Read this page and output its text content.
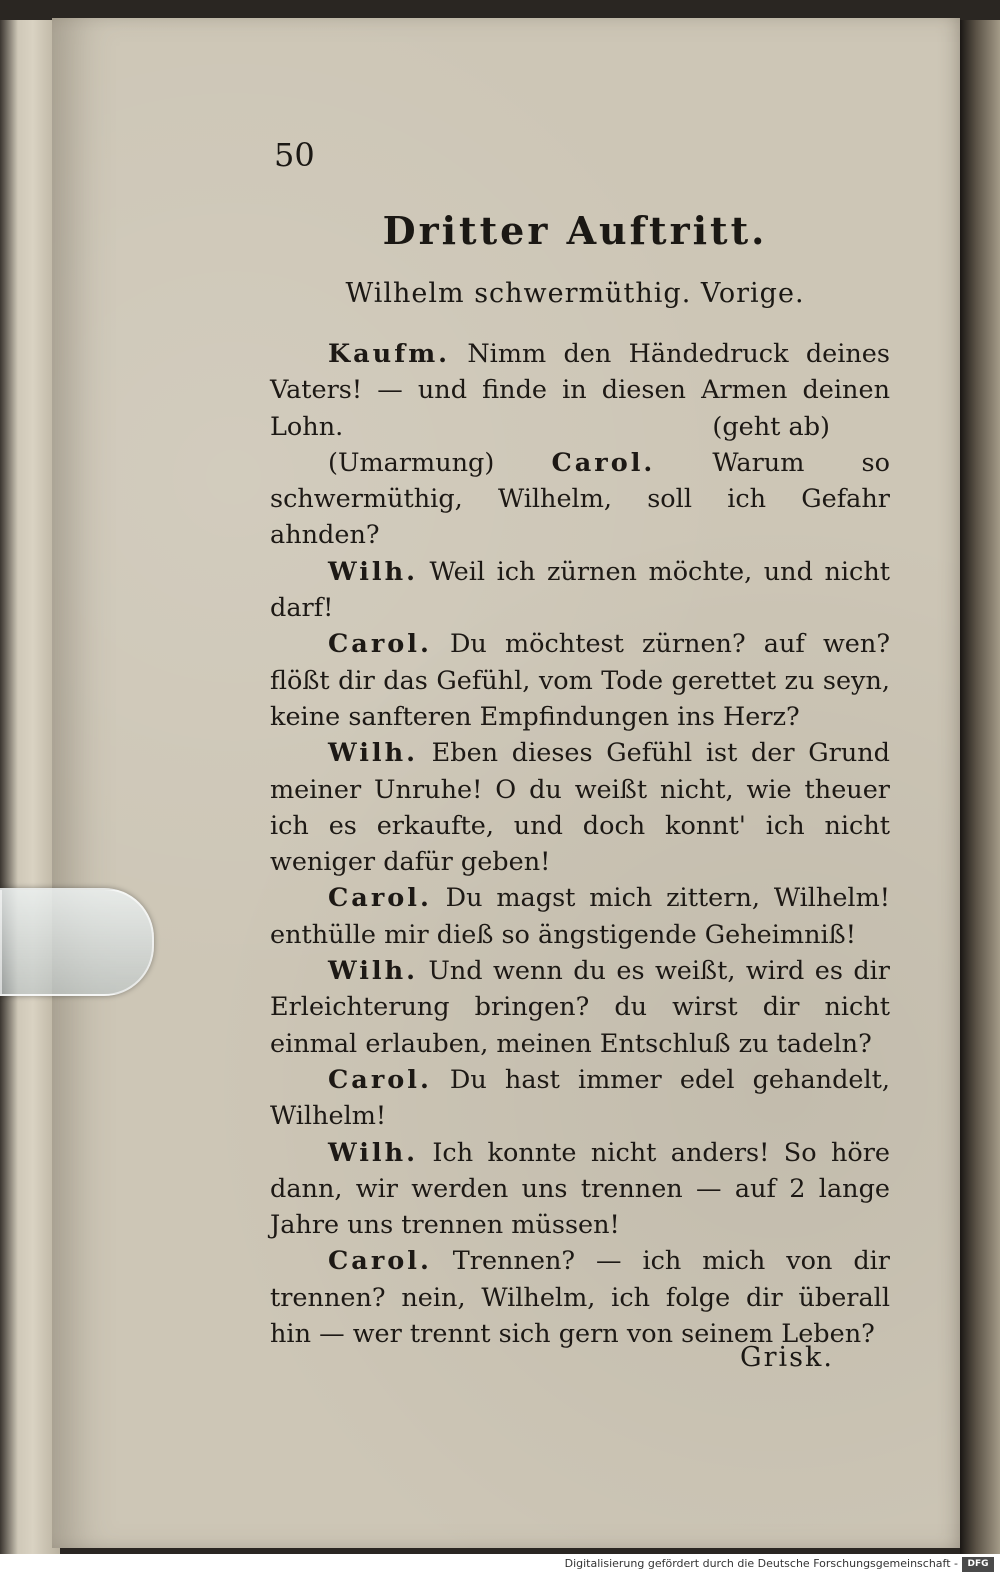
50
Dritter Auftritt.
Wilhelm schwermüthig. Vorige.

Kaufm. Nimm den Händedruck deines Vaters! — und finde in diesen Armen deinen Lohn.	(geht ab)

(Umarmung) Carol. Warum so schwermüthig, Wilhelm, soll ich Gefahr ahnden?

Wilh. Weil ich zürnen möchte, und nicht darf!

Carol. Du möchtest zürnen? auf wen? flößt dir das Gefühl, vom Tode gerettet zu seyn, keine sanfteren Empfindungen ins Herz?

Wilh. Eben dieses Gefühl ist der Grund meiner Unruhe! O du weißt nicht, wie theuer ich es erkaufte, und doch konnt' ich nicht weniger dafür geben!

Carol. Du magst mich zittern, Wilhelm! enthülle mir dieß so ängstigende Geheimniß!

Wilh. Und wenn du es weißt, wird es dir Erleichterung bringen? du wirst dir nicht einmal erlauben, meinen Entschluß zu tadeln?

Carol. Du hast immer edel gehandelt, Wilhelm!

Wilh. Ich konnte nicht anders! So höre dann, wir werden uns trennen — auf 2 lange Jahre uns trennen müssen!

Carol. Trennen? — ich mich von dir trennen? nein, Wilhelm, ich folge dir überall hin — wer trennt sich gern von seinem Leben?

Grisk.
Digitalisierung gefördert durch die Deutsche Forschungsgemeinschaft -	DFG
